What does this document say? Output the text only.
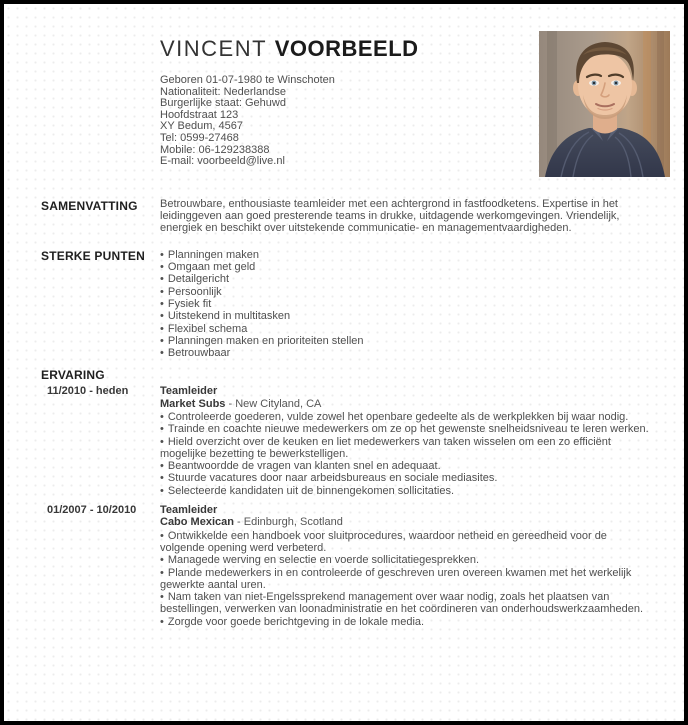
VINCENT VOORBEELD
Geboren 01-07-1980 te Winschoten
Nationaliteit: Nederlandse
Burgerlijke staat: Gehuwd
Hoofdstraat 123
XY Bedum, 4567
Tel: 0599-27468
Mobile: 06-129238388
E-mail: voorbeeld@live.nl
SAMENVATTING	Betrouwbare, enthousiaste teamleider met een achtergrond in fastfoodketens. Expertise in het leidinggeven aan goed presterende teams in drukke, uitdagende werkomgevingen. Vriendelijk, energiek en beschikt over uitstekende communicatie- en managementvaardigheden.
STERKE PUNTEN	• Planningen maken
• Omgaan met geld
• Detailgericht
• Persoonlijk
• Fysiek fit
• Uitstekend in multitasken
• Flexibel schema
• Planningen maken en prioriteiten stellen
• Betrouwbaar
ERVARING
11/2010 - heden	Teamleider
Market Subs - New Cityland, CA
• Controleerde goederen, vulde zowel het openbare gedeelte als de werkplekken bij waar nodig.
• Trainde en coachte nieuwe medewerkers om ze op het gewenste snelheidsniveau te leren werken.
• Hield overzicht over de keuken en liet medewerkers van taken wisselen om een zo efficiënt mogelijke bezetting te bewerkstelligen.
• Beantwoordde de vragen van klanten snel en adequaat.
• Stuurde vacatures door naar arbeidsbureaus en sociale mediasites.
• Selecteerde kandidaten uit de binnengekomen sollicitaties.
01/2007 - 10/2010	Teamleider
Cabo Mexican - Edinburgh, Scotland
• Ontwikkelde een handboek voor sluitprocedures, waardoor netheid en gereedheid voor de volgende opening werd verbeterd.
• Managede werving en selectie en voerde sollicitatiegesprekken.
• Plande medewerkers in en controleerde of geschreven uren overeen kwamen met het werkelijk gewerkte aantal uren.
• Nam taken van niet-Engelssprekend management over waar nodig, zoals het plaatsen van bestellingen, verwerken van loonadministratie en het coördineren van onderhoudswerkzaamheden.
• Zorgde voor goede berichtgeving in de lokale media.
